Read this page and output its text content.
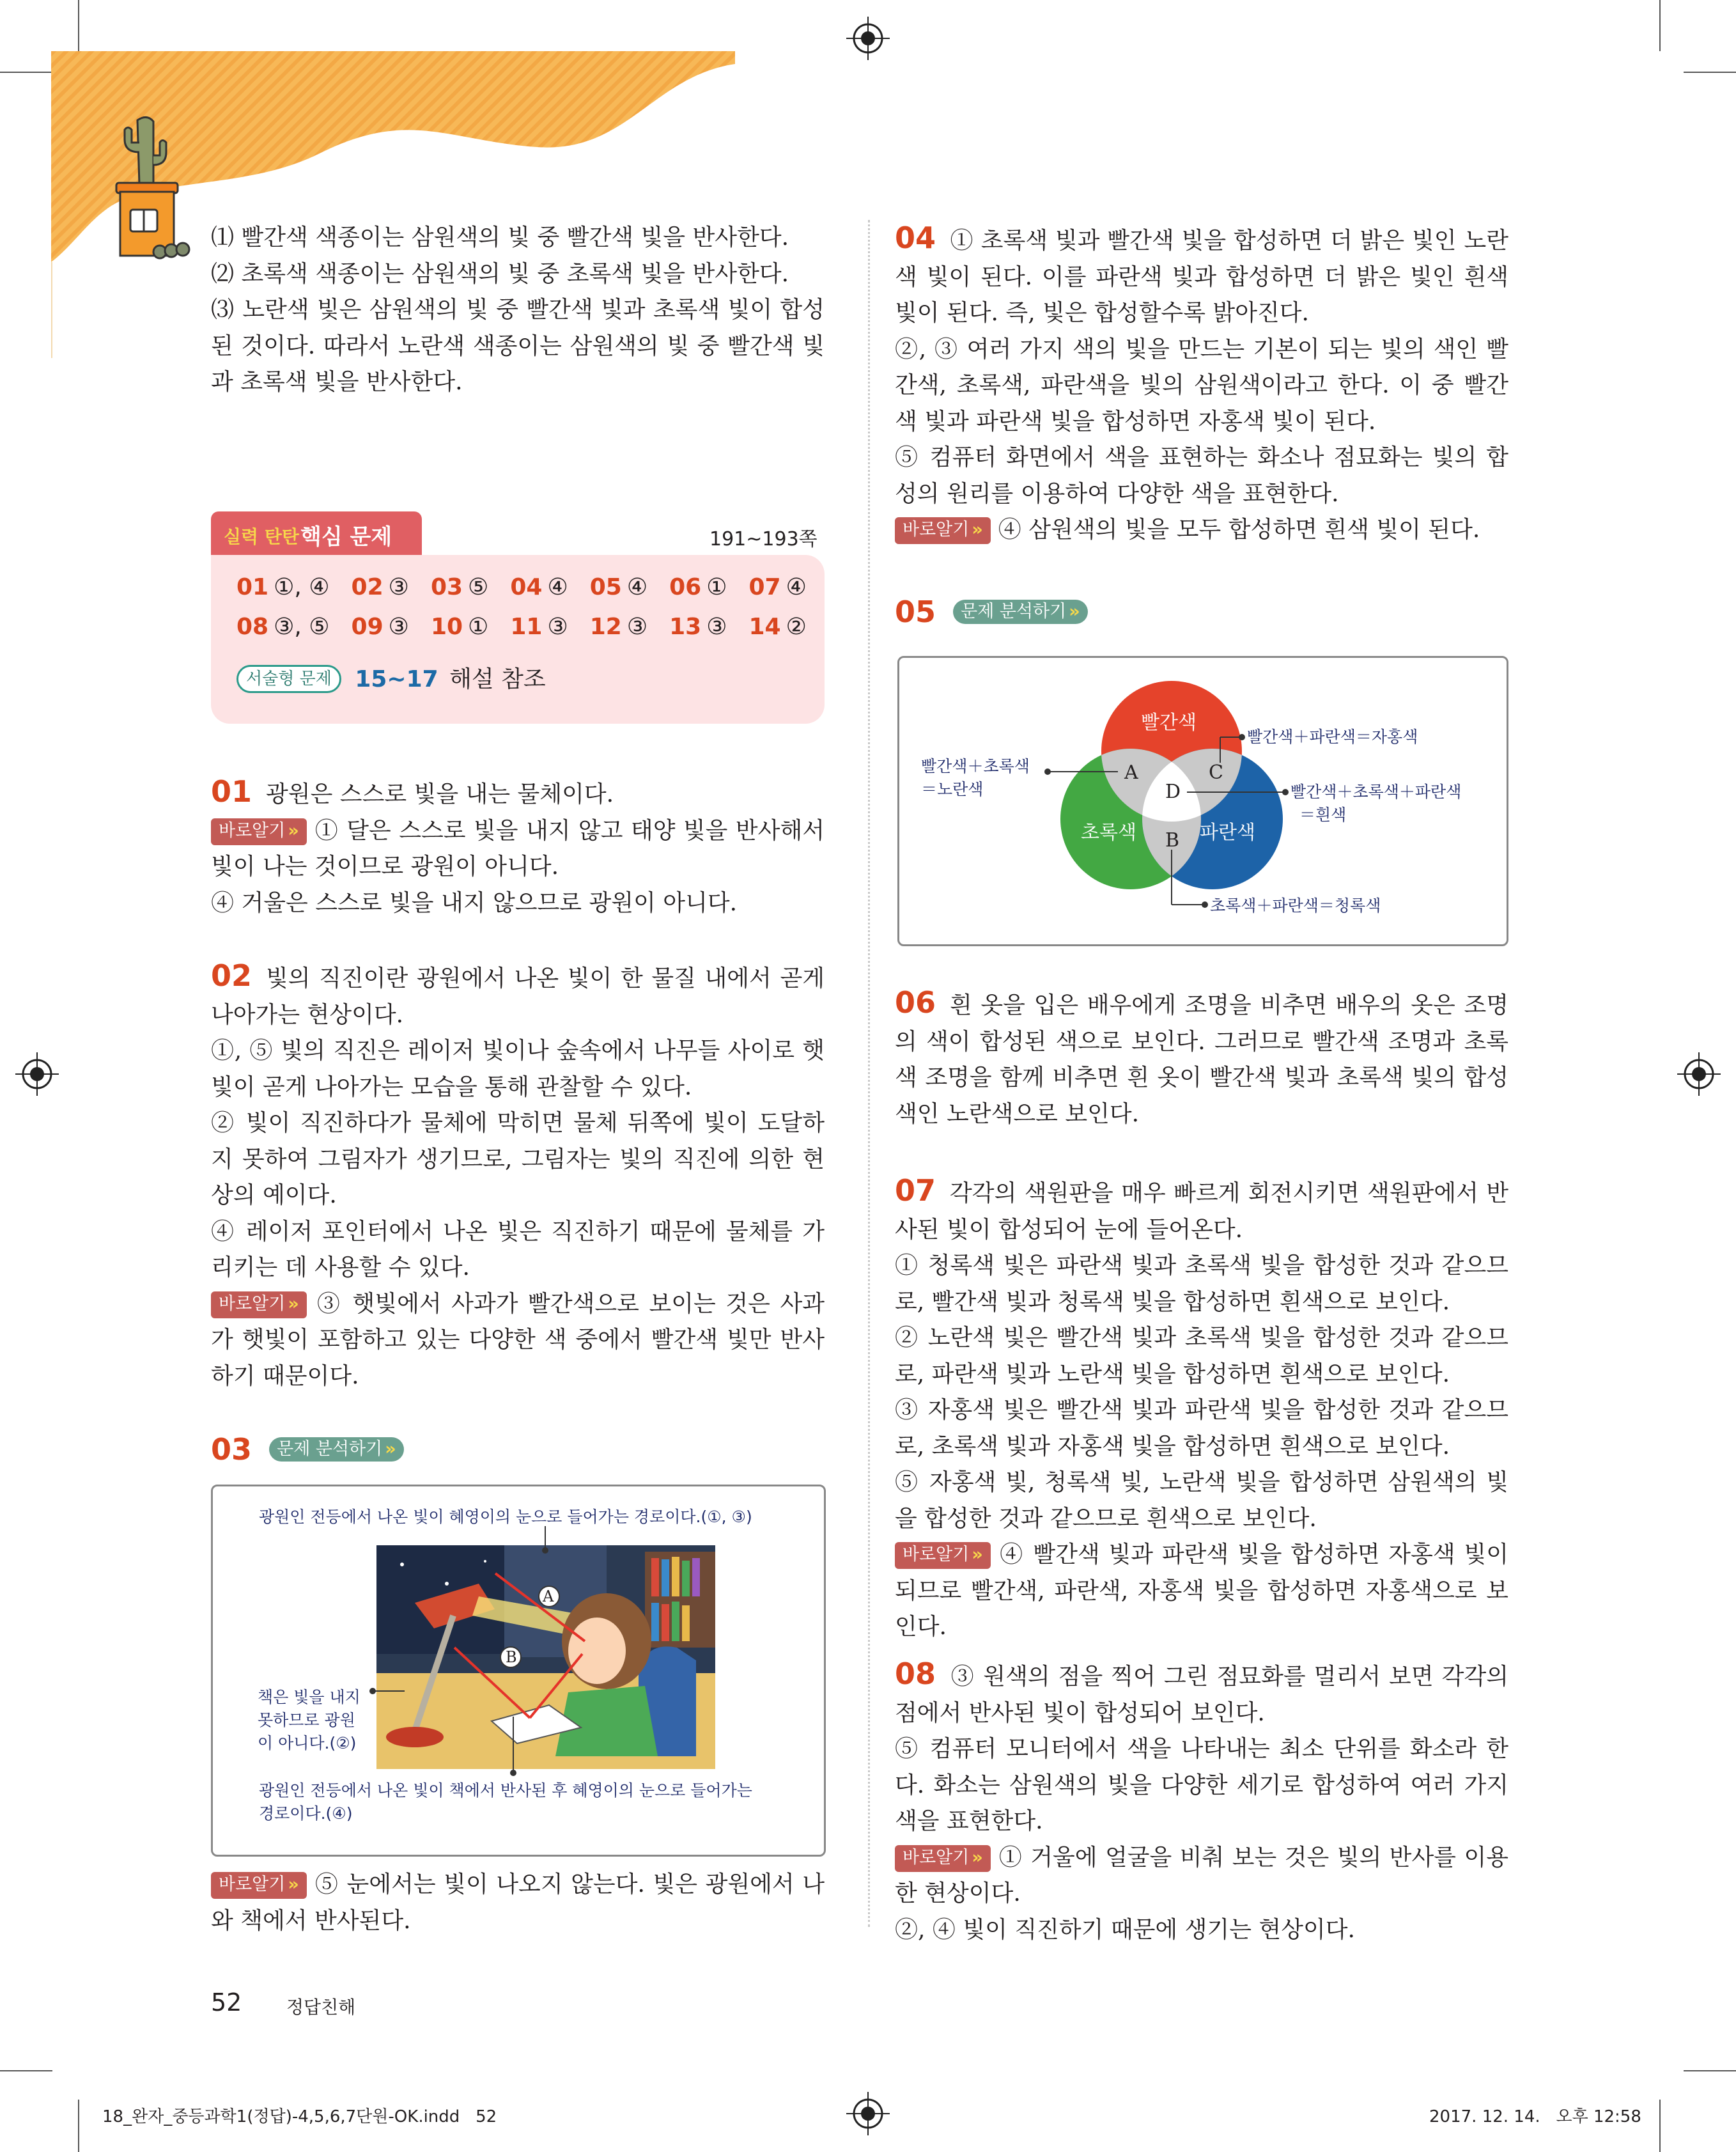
⑴ 빨간색 색종이는 삼원색의 빛 중 빨간색 빛을 반사한다.

⑵ 초록색 색종이는 삼원색의 빛 중 초록색 빛을 반사한다.

⑶ 노란색 빛은 삼원색의 빛 중 빨간색 빛과 초록색 빛이 합성된 것이다. 따라서 노란색 색종이는 삼원색의 빛 중 빨간색 빛과 초록색 빛을 반사한다.

실력 탄탄 핵심 문제	191~193쪽
01 ①, ④ 02 ③ 03 ⑤ 04 ④ 05 ④ 06 ① 07 ④
08 ③, ⑤ 09 ③ 10 ① 11 ③ 12 ③ 13 ③ 14 ②
서술형 문제 15~17 해설 참조

01 광원은 스스로 빛을 내는 물체이다.

바로알기 » ① 달은 스스로 빛을 내지 않고 태양 빛을 반사해서 빛이 나는 것이므로 광원이 아니다.

④ 거울은 스스로 빛을 내지 않으므로 광원이 아니다.

02 빛의 직진이란 광원에서 나온 빛이 한 물질 내에서 곧게 나아가는 현상이다.

①, ⑤ 빛의 직진은 레이저 빛이나 숲속에서 나무들 사이로 햇빛이 곧게 나아가는 모습을 통해 관찰할 수 있다.

② 빛이 직진하다가 물체에 막히면 물체 뒤쪽에 빛이 도달하지 못하여 그림자가 생기므로, 그림자는 빛의 직진에 의한 현상의 예이다.

④ 레이저 포인터에서 나온 빛은 직진하기 때문에 물체를 가리키는 데 사용할 수 있다.

바로알기 » ③ 햇빛에서 사과가 빨간색으로 보이는 것은 사과가 햇빛이 포함하고 있는 다양한 색 중에서 빨간색 빛만 반사하기 때문이다.

03 문제 분석하기 »
광원인 전등에서 나온 빛이 혜영이의 눈으로 들어가는 경로이다.(①, ③)
책은 빛을 내지
못하므로 광원
이 아니다.(②)
광원인 전등에서 나온 빛이 책에서 반사된 후 혜영이의 눈으로 들어가는
경로이다.(④)
A
B

바로알기 » ⑤ 눈에서는 빛이 나오지 않는다. 빛은 광원에서 나와 책에서 반사된다.

52 정답친해

04 ① 초록색 빛과 빨간색 빛을 합성하면 더 밝은 빛인 노란색 빛이 된다. 이를 파란색 빛과 합성하면 더 밝은 빛인 흰색 빛이 된다. 즉, 빛은 합성할수록 밝아진다.

②, ③ 여러 가지 색의 빛을 만드는 기본이 되는 빛의 색인 빨간색, 초록색, 파란색을 빛의 삼원색이라고 한다. 이 중 빨간색 빛과 파란색 빛을 합성하면 자홍색 빛이 된다.

⑤ 컴퓨터 화면에서 색을 표현하는 화소나 점묘화는 빛의 합성의 원리를 이용하여 다양한 색을 표현한다.

바로알기 » ④ 삼원색의 빛을 모두 합성하면 흰색 빛이 된다.

05 문제 분석하기 »
빨간색
초록색	파란색
A	C
D
B
빨간색＋초록색
＝노란색
빨간색＋파란색＝자홍색
빨간색＋초록색＋파란색
＝흰색
초록색＋파란색＝청록색

06 흰 옷을 입은 배우에게 조명을 비추면 배우의 옷은 조명의 색이 합성된 색으로 보인다. 그러므로 빨간색 조명과 초록색 조명을 함께 비추면 흰 옷이 빨간색 빛과 초록색 빛의 합성색인 노란색으로 보인다.

07 각각의 색원판을 매우 빠르게 회전시키면 색원판에서 반사된 빛이 합성되어 눈에 들어온다.

① 청록색 빛은 파란색 빛과 초록색 빛을 합성한 것과 같으므로, 빨간색 빛과 청록색 빛을 합성하면 흰색으로 보인다.

② 노란색 빛은 빨간색 빛과 초록색 빛을 합성한 것과 같으므로, 파란색 빛과 노란색 빛을 합성하면 흰색으로 보인다.

③ 자홍색 빛은 빨간색 빛과 파란색 빛을 합성한 것과 같으므로, 초록색 빛과 자홍색 빛을 합성하면 흰색으로 보인다.

⑤ 자홍색 빛, 청록색 빛, 노란색 빛을 합성하면 삼원색의 빛을 합성한 것과 같으므로 흰색으로 보인다.

바로알기 » ④ 빨간색 빛과 파란색 빛을 합성하면 자홍색 빛이 되므로 빨간색, 파란색, 자홍색 빛을 합성하면 자홍색으로 보인다.

08 ③ 원색의 점을 찍어 그린 점묘화를 멀리서 보면 각각의 점에서 반사된 빛이 합성되어 보인다.

⑤ 컴퓨터 모니터에서 색을 나타내는 최소 단위를 화소라 한다. 화소는 삼원색의 빛을 다양한 세기로 합성하여 여러 가지 색을 표현한다.

바로알기 » ① 거울에 얼굴을 비춰 보는 것은 빛의 반사를 이용한 현상이다.

②, ④ 빛이 직진하기 때문에 생기는 현상이다.

18_완자_중등과학1(정답)-4,5,6,7단원-OK.indd   52	2017. 12. 14.   오후 12:58
